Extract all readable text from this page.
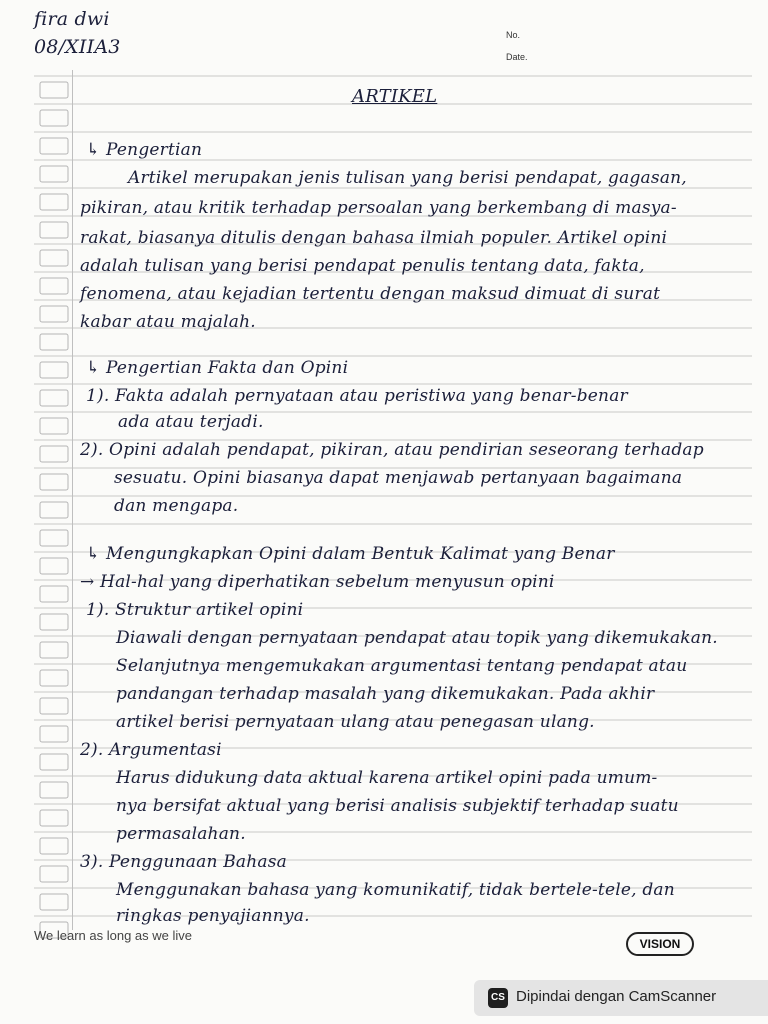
fira dwi
08/XIIA3
No.
Date.
ARTIKEL
↳ Pengertian
Artikel merupakan jenis tulisan yang berisi pendapat, gagasan,
pikiran, atau kritik terhadap persoalan yang berkembang di masya-
rakat, biasanya ditulis dengan bahasa ilmiah populer. Artikel opini
adalah tulisan yang berisi pendapat penulis tentang data, fakta,
fenomena, atau kejadian tertentu dengan maksud dimuat di surat
kabar atau majalah.
↳ Pengertian Fakta dan Opini
1). Fakta adalah pernyataan atau peristiwa yang benar-benar
ada atau terjadi.
2). Opini adalah pendapat, pikiran, atau pendirian seseorang terhadap
sesuatu. Opini biasanya dapat menjawab pertanyaan bagaimana
dan mengapa.
↳ Mengungkapkan Opini dalam Bentuk Kalimat yang Benar
→ Hal-hal yang diperhatikan sebelum menyusun opini
1). Struktur artikel opini
Diawali dengan pernyataan pendapat atau topik yang dikemukakan.
Selanjutnya mengemukakan argumentasi tentang pendapat atau
pandangan terhadap masalah yang dikemukakan. Pada akhir
artikel berisi pernyataan ulang atau penegasan ulang.
2). Argumentasi
Harus didukung data aktual karena artikel opini pada umum-
nya bersifat aktual yang berisi analisis subjektif terhadap suatu
permasalahan.
3). Penggunaan Bahasa
Menggunakan bahasa yang komunikatif, tidak bertele-tele, dan
ringkas penyajiannya.
We learn as long as we live
VISION
CS Dipindai dengan CamScanner
